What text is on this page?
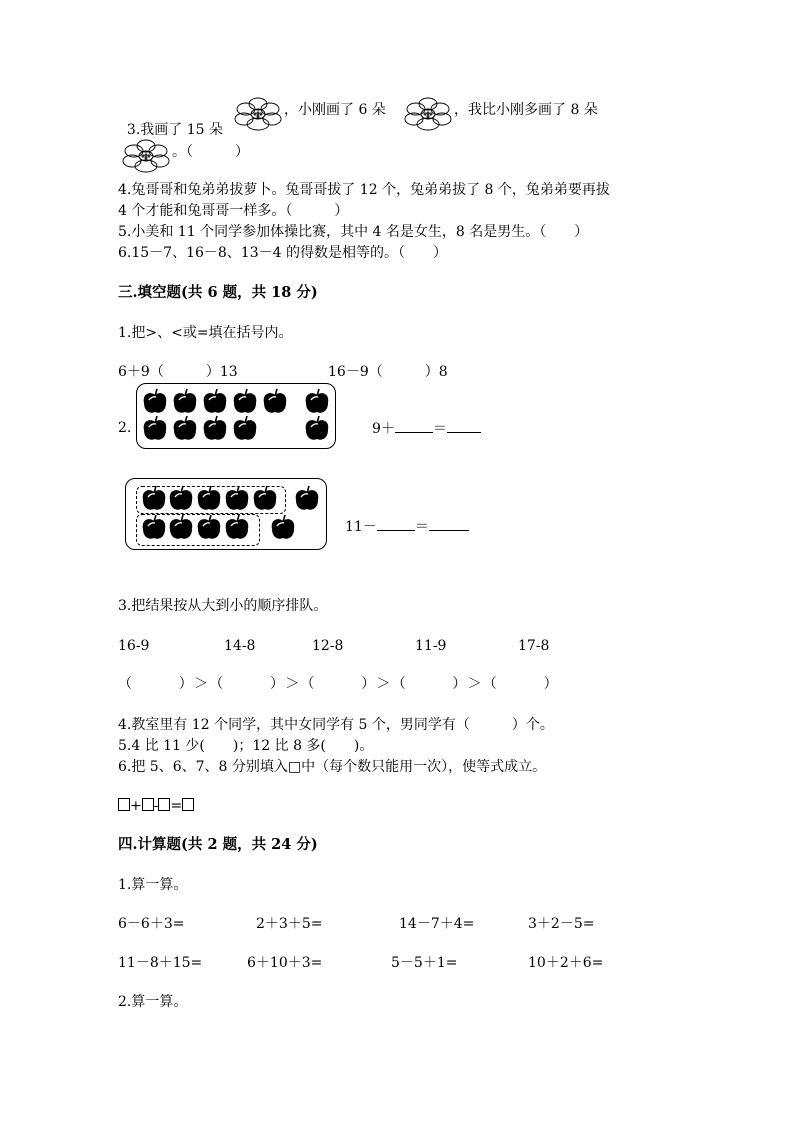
3.我画了 15 朵

，小刚画了 6 朵	，我比小刚多画了 8 朵
。（　　　）
4.兔哥哥和兔弟弟拔萝卜。兔哥哥拔了 12 个，兔弟弟拔了 8 个，兔弟弟要再拔
4 个才能和兔哥哥一样多。（　　　）
5.小美和 11 个同学参加体操比赛，其中 4 名是女生，8 名是男生。（　　）
6.15－7、16－8、13－4 的得数是相等的。（　　）
三.填空题(共 6 题，共 18 分)
1.把>、<或=填在括号内。
6＋9（　　　）13	16－9（　　　）8
2.	9＋	＝
11－	＝
3.把结果按从大到小的顺序排队。
16-9	14-8	12-8	11-9	17-8
（　　　）＞（　　　）＞（　　　）＞（　　　）＞（　　　）
4.教室里有 12 个同学，其中女同学有 5 个，男同学有（　　　）个。
5.4 比 11 少(　　)；12 比 8 多(　　)。
6.把 5、6、7、8 分别填入□中（每个数只能用一次），使等式成立。
+ - =
四.计算题(共 2 题，共 24 分)
1.算一算。
6－6＋3=	2＋3＋5=	14－7＋4=	3＋2－5=
11－8＋15=	6＋10＋3=	5－5＋1=	10＋2＋6=
2.算一算。
